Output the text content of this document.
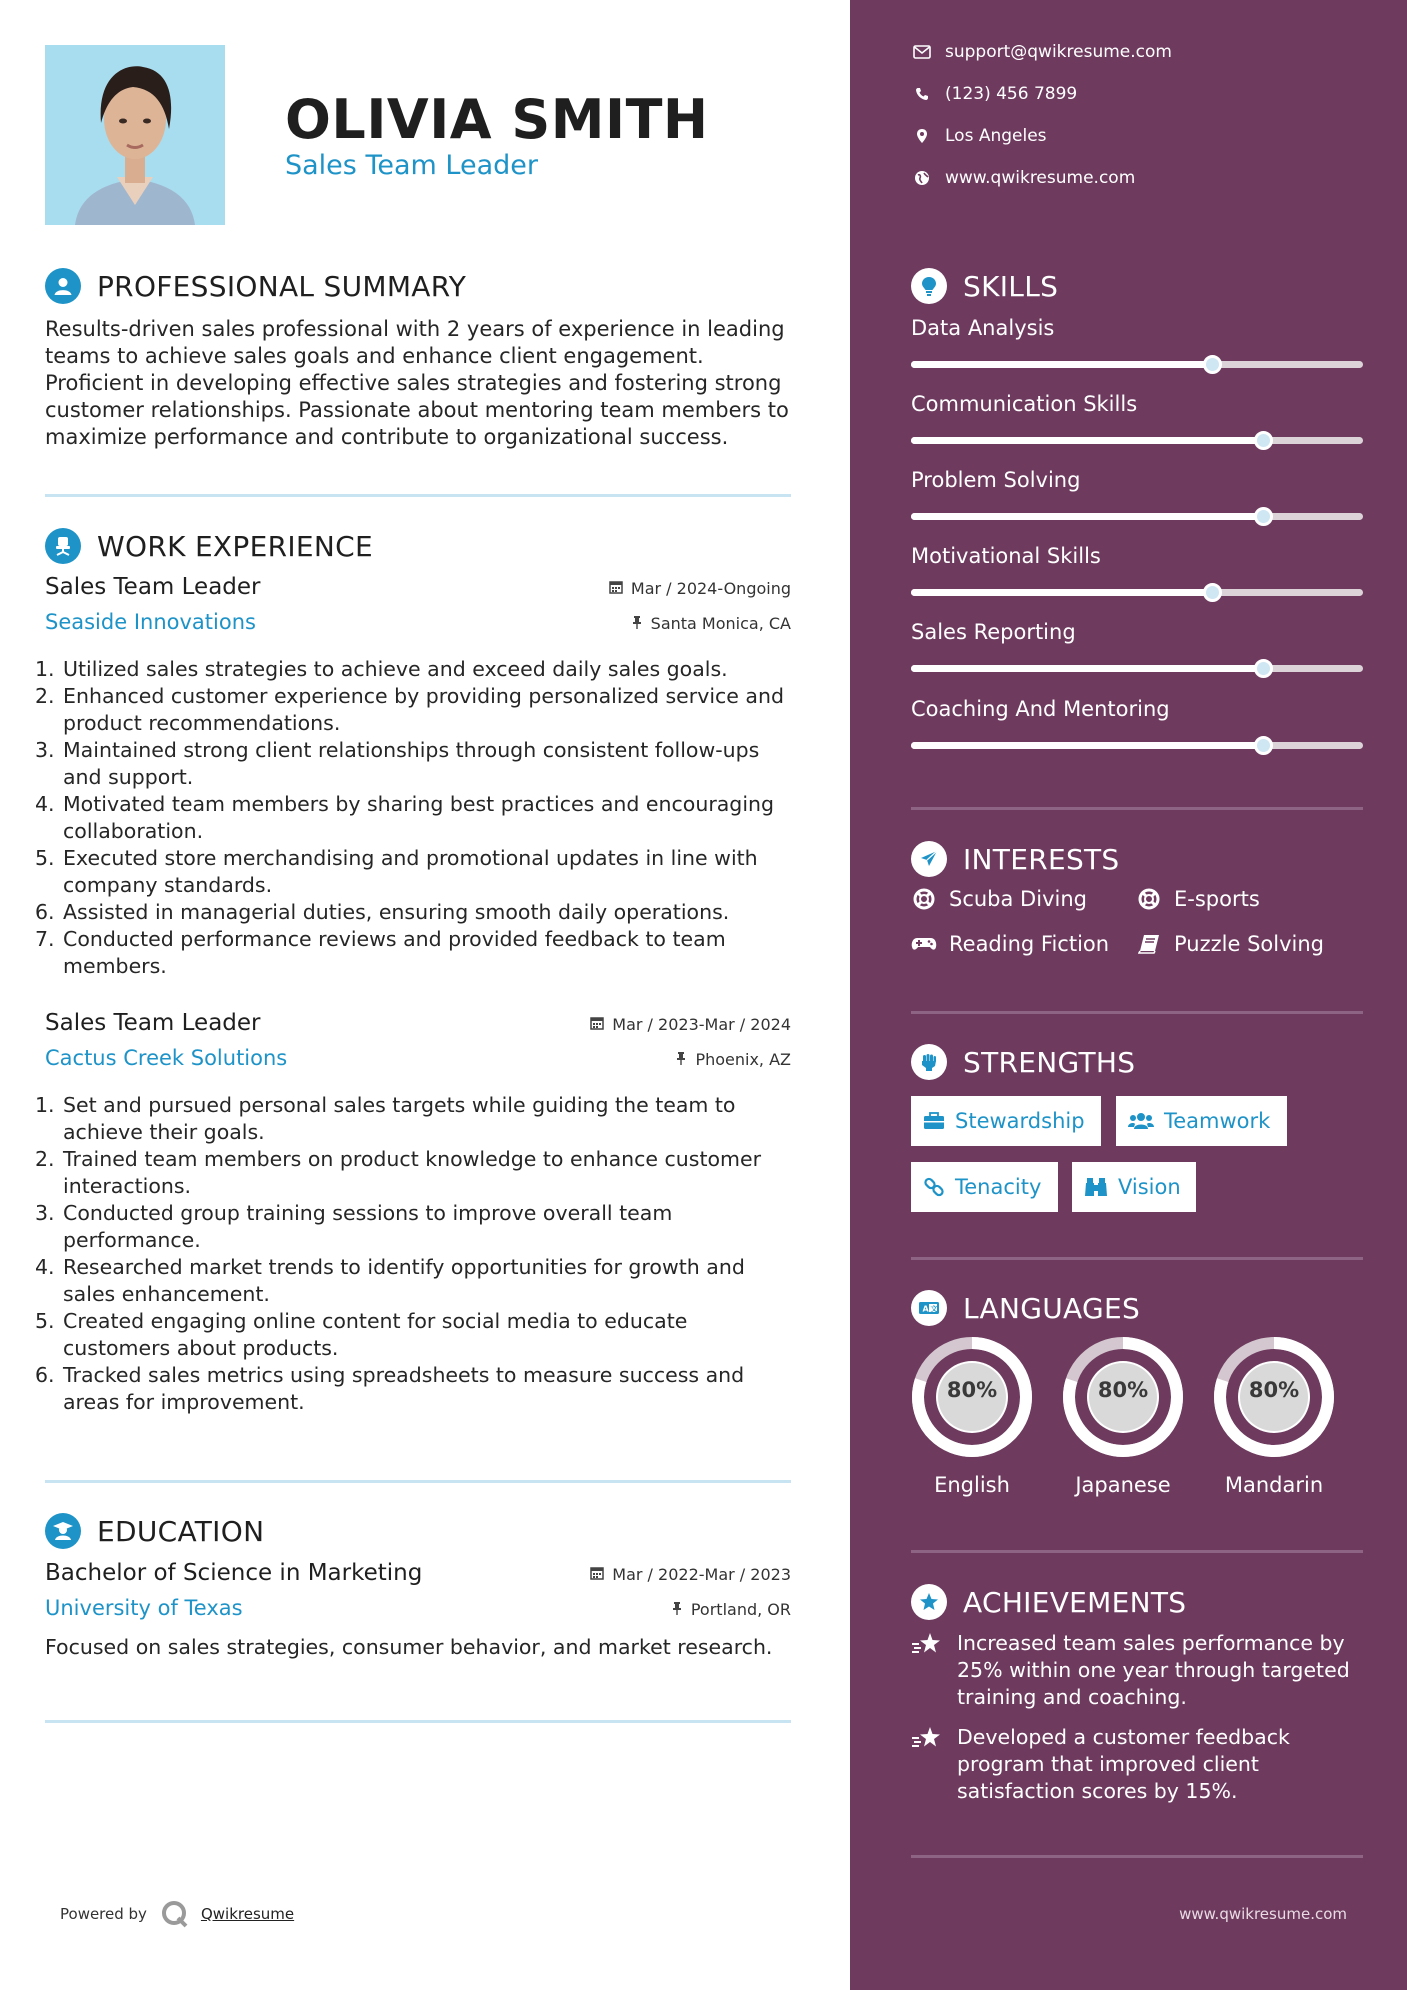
OLIVIA SMITH
Sales Team Leader
PROFESSIONAL SUMMARY
Results-driven sales professional with 2 years of experience in leading teams to achieve sales goals and enhance client engagement. Proficient in developing effective sales strategies and fostering strong customer relationships. Passionate about mentoring team members to maximize performance and contribute to organizational success.
WORK EXPERIENCE
Sales Team Leader	Mar / 2024-Ongoing
Seaside Innovations	Santa Monica, CA
1. Utilized sales strategies to achieve and exceed daily sales goals.
2. Enhanced customer experience by providing personalized service and product recommendations.
3. Maintained strong client relationships through consistent follow-ups and support.
4. Motivated team members by sharing best practices and encouraging collaboration.
5. Executed store merchandising and promotional updates in line with company standards.
6. Assisted in managerial duties, ensuring smooth daily operations.
7. Conducted performance reviews and provided feedback to team members.
Sales Team Leader	Mar / 2023-Mar / 2024
Cactus Creek Solutions	Phoenix, AZ
1. Set and pursued personal sales targets while guiding the team to achieve their goals.
2. Trained team members on product knowledge to enhance customer interactions.
3. Conducted group training sessions to improve overall team performance.
4. Researched market trends to identify opportunities for growth and sales enhancement.
5. Created engaging online content for social media to educate customers about products.
6. Tracked sales metrics using spreadsheets to measure success and areas for improvement.
EDUCATION
Bachelor of Science in Marketing	Mar / 2022-Mar / 2023
University of Texas	Portland, OR
Focused on sales strategies, consumer behavior, and market research.
Powered by	Qwikresume
support@qwikresume.com
(123) 456 7899
Los Angeles
www.qwikresume.com
SKILLS
Data Analysis
Communication Skills
Problem Solving
Motivational Skills
Sales Reporting
Coaching And Mentoring
INTERESTS
Scuba Diving	E-sports
Reading Fiction	Puzzle Solving
STRENGTHS
Stewardship	Teamwork
Tenacity	Vision
A 文 LANGUAGES
80%
English
80%
Japanese
80%
Mandarin
ACHIEVEMENTS
Increased team sales performance by 25% within one year through targeted training and coaching.
Developed a customer feedback program that improved client satisfaction scores by 15%.
www.qwikresume.com
